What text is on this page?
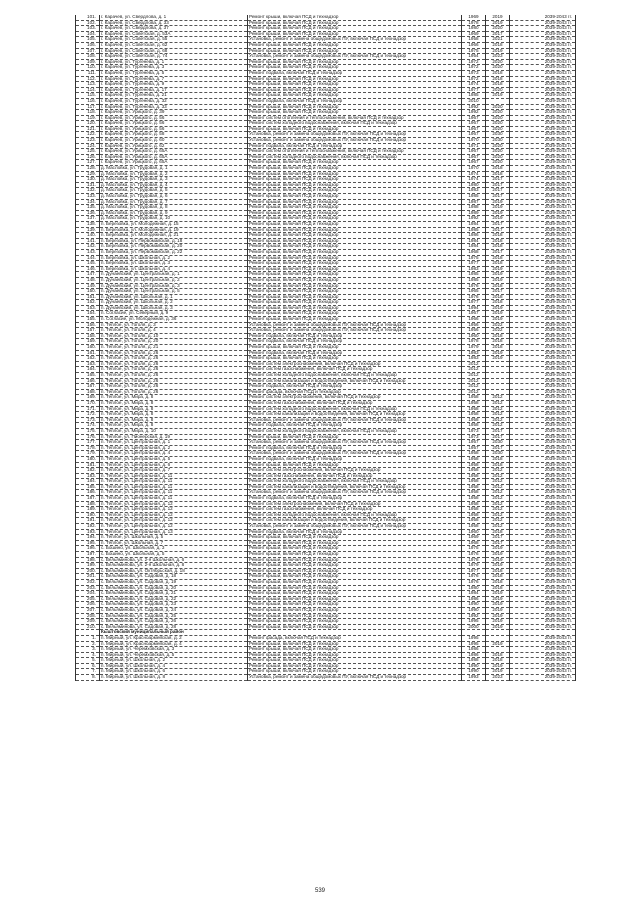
101.	г. Карачев, ул. Свердлова, д. 1	Ремонт крыши, включая ПСД и технадзор	1969	2019	2039-2043 гг.
102.	г. Карачев, ул. Свердлова, д. 33	Ремонт крыши, включая ПСД и технадзор	1978	2019	2039-2043 гг.
103.	г. Карачев, ул. Свердлова, д. 37	Ремонт крыши, включая ПСД и технадзор	1980	2020	2039-2043 гг.
104.	г. Карачев, ул. Советская, д. 53А	Ремонт крыши, включая ПСД и технадзор	1969	2017	2039-2043 гг.
105.	г. Карачев, ул. Советская, д. 55	Установка, ремонт и замена общедомовых ПУ, включая ПСД и технадзор	1958	2021	2039-2043 гг.
106.	г. Карачев, ул. Советская, д. 62	Ремонт крыши, включая ПСД и технадзор	1966	2018	2039-2043 гг.
107.	г. Карачев, ул. Советская, д. 68	Ремонт крыши, включая ПСД и технадзор	1975	2019	2039-2043 гг.
108.	г. Карачев, ул. Советская, д. 74	Установка, ремонт и замена общедомовых ПУ, включая ПСД и технадзор	1954	2023	2039-2043 гг.
109.	г. Карачев, ул. Тургенева, д. 1	Ремонт крыши, включая ПСД и технадзор	1972	2020	2039-2043 гг.
110.	г. Карачев, ул. Тургенева, д. 3	Ремонт крыши, включая ПСД и технадзор	1972	2020	2039-2043 гг.
111.	г. Карачев, ул. Тургенева, д. 5	Ремонт подвала, включая ПСД и технадзор	1973	2018	2039-2043 гг.
112.	г. Карачев, ул. Тургенева, д. 7	Ремонт крыши, включая ПСД и технадзор	1972	2018	2039-2043 гг.
113.	г. Карачев, ул. Тургенева, д. 9	Ремонт крыши, включая ПСД и технадзор	1974	2018	2039-2043 гг.
114.	г. Карачев, ул. Тургенева, д. 17	Ремонт крыши, включая ПСД и технадзор	1977	2020	2039-2043 гг.
115.	г. Карачев, ул. Тургенева, д. 21	Ремонт крыши, включая ПСД и технадзор	1985	2019	2039-2043 гг.
116.	г. Карачев, ул. Тургенева, д. 32	Ремонт подвала, включая ПСД и технадзор	2010		2039-2043 гг.
117.	г. Карачев, ул. Тургенева, д. 33	Ремонт крыши, включая ПСД и технадзор	1992	2020	2039-2043 гг.
118.	г. Карачев, ул. Урицкого, д. 39	Ремонт крыши, включая ПСД и технадзор	1992	2020	2039-2043 гг.
119.	г. Карачев, ул. Урицкого, д. 56	Ремонт систем отопления и теплоснабжения, включая ПСД и технадзор	1967	2020	2039-2043 гг.
120.	г. Карачев, ул. Урицкого, д. 56	Ремонт систем холодного водоснабжения, включая ПСД и технадзор	1967	2020	2039-2043 гг.
121.	г. Карачев, ул. Урицкого, д. 56	Ремонт крыши, включая ПСД и технадзор	1967	2020	2039-2043 гг.
122.	г. Карачев, ул. Урицкого, д. 58	Установка, ремонт и замена общедомовых ПУ, включая ПСД и технадзор	1967	2030	2039-2043 гг.
123.	г. Карачев, ул. Урицкого, д. 60	Установка, ремонт и замена общедомовых ПУ, включая ПСД и технадзор	1970	2030	2039-2043 гг.
124.	г. Карачев, ул. Урицкого, д. 62	Ремонт подвала, включая ПСД и технадзор	1971	2020	2039-2043 гг.
125.	г. Карачев, ул. Урицкого, д. 65А	Ремонт систем отопления и теплоснабжения, включая ПСД и технадзор	1967	2020	2039-2043 гг.
126.	г. Карачев, ул. Урицкого, д. 65А	Ремонт систем холодного водоснабжения, включая ПСД и технадзор	1967	2020	2039-2043 гг.
127.	г. Карачев, ул. Урицкого, д. 65А	Ремонт крыши, включая ПСД и технадзор	1967	2020	2039-2043 гг.
128.	д. Масловка, ул. Трудовая, д. 1	Ремонт крыши, включая ПСД и технадзор	1970	2018	2039-2043 гг.
129.	д. Масловка, ул. Трудовая, д. 2	Ремонт крыши, включая ПСД и технадзор	1974	2018	2039-2043 гг.
130.	д. Масловка, ул. Трудовая, д. 3	Ремонт крыши, включая ПСД и технадзор	1974	2017	2039-2043 гг.
131.	д. Масловка, ул. Трудовая, д. 4	Ремонт крыши, включая ПСД и технадзор	1980	2017	2039-2043 гг.
132.	д. Масловка, ул. Трудовая, д. 5	Ремонт крыши, включая ПСД и технадзор	1983	2017	2039-2043 гг.
133.	д. Масловка, ул. Трудовая, д. 6	Ремонт крыши, включая ПСД и технадзор	1985	2017	2039-2043 гг.
134.	д. Масловка, ул. Трудовая, д. 7	Ремонт крыши, включая ПСД и технадзор	1987	2019	2039-2043 гг.
135.	д. Масловка, ул. Трудовая, д. 8	Ремонт крыши, включая ПСД и технадзор	1988	2019	2039-2043 гг.
136.	д. Масловка, ул. Трудовая, д. 9	Ремонт крыши, включая ПСД и технадзор	1989	2019	2039-2043 гг.
137.	д. Масловка, ул. Трудовая, д. 10	Ремонт крыши, включая ПСД и технадзор	1992	2019	2039-2043 гг.
138.	п. Березовка, ул. Молодежная, д. 15	Ремонт крыши, включая ПСД и технадзор	1984	2017	2039-2043 гг.
139.	п. Березовка, ул. Молодежная, д. 19	Ремонт крыши, включая ПСД и технадзор	1985	2017	2039-2043 гг.
140.	п. Березовка, ул. Молодежная, д. 21	Ремонт крыши, включая ПСД и технадзор	1986	2018	2039-2043 гг.
141.	п. Березовка, ул. Первомайская, д. 18	Ремонт крыши, включая ПСД и технадзор	1984	2018	2039-2043 гг.
142.	п. Березовка, ул. Первомайская, д. 20	Ремонт крыши, включая ПСД и технадзор	1984	2018	2039-2043 гг.
143.	п. Березовка, ул. Первомайская, д. 22	Ремонт крыши, включая ПСД и технадзор	1968	2017	2039-2043 гг.
144.	п. Березовка, ул. Школьная, д. 2	Ремонт крыши, включая ПСД и технадзор	1975	2018	2039-2043 гг.
145.	п. Березовка, ул. Школьная, д. 3	Ремонт крыши, включая ПСД и технадзор	1977	2018	2039-2043 гг.
146.	п. Березовка, ул. Школьная, д. 4	Ремонт крыши, включая ПСД и технадзор	1983	2019	2039-2043 гг.
147.	п. Дунаевский, ул. Центральная, д. 1	Ремонт крыши, включая ПСД и технадзор	1985	2019	2039-2043 гг.
148.	п. Дунаевский, ул. Центральная, д. 2	Ремонт крыши, включая ПСД и технадзор	1985	2019	2039-2043 гг.
149.	п. Дунаевский, ул. Центральная, д. 3	Ремонт крыши, включая ПСД и технадзор	1976	2018	2039-2043 гг.
150.	п. Дунаевский, ул. Центральная, д. 5	Ремонт крыши, включая ПСД и технадзор	1965	2017	2039-2043 гг.
151.	п. Дунаевский, ул. Школьная, д. 1	Ремонт крыши, включая ПСД и технадзор	1976	2018	2039-2043 гг.
152.	п. Дунаевский, ул. Школьная, д. 2	Ремонт крыши, включая ПСД и технадзор	1977	2018	2039-2043 гг.
153.	п. Дунаевский, ул. Школьная, д. 3	Ремонт крыши, включая ПСД и технадзор	1994	2019	2039-2043 гг.
154.	п. Согласие, ул. Северный, д. 9	Ремонт крыши, включая ПСД и технадзор	1967	2019	2039-2043 гг.
155.	п. Согласие, ул. Молодежная, д. 36	Ремонт крыши, включая ПСД и технадзор	1966	2019	2039-2043 гг.
156.	п. Теплое, ул. Гоголя, д. 3	Установка, ремонт и замена общедомовых ПУ, включая ПСД и технадзор	1956	2022	2039-2043 гг.
157.	п. Теплое, ул. Гоголя, д. 4	Установка, ремонт и замена общедомовых ПУ, включая ПСД и технадзор	1956	2022	2039-2043 гг.
158.	п. Теплое, ул. Гоголя, д. 10	Ремонт подвала, включая ПСД и технадзор	1960	2018	2039-2043 гг.
159.	п. Теплое, ул. Гоголя, д. 20	Ремонт подвала, включая ПСД и технадзор	1978	2018	2039-2043 гг.
160.	п. Теплое, ул. Гоголя, д. 21	Ремонт крыши, включая ПСД и технадзор	1979	2018	2039-2043 гг.
161.	п. Теплое, ул. Гоголя, д. 26	Ремонт подвала, включая ПСД и технадзор	1983	2019	2039-2043 гг.
162.	п. Теплое, ул. Гоголя, д. 26	Ремонт крыши, включая ПСД и технадзор	1983	2019	2039-2043 гг.
163.	п. Теплое, ул. Гоголя, д. 26	Ремонт систем электроснабжения, включая ПСД и технадзор	2012		2039-2043 гг.
164.	п. Теплое, ул. Гоголя, д. 26	Ремонт систем газоснабжения, включая ПСД и технадзор	2012		2039-2043 гг.
165.	п. Теплое, ул. Гоголя, д. 26	Ремонт систем холодного водоснабжения, включая ПСД и технадзор	2012		2039-2043 гг.
166.	п. Теплое, ул. Гоголя, д. 26	Ремонт систем канализации и водоотведения, включая ПСД и технадзор	2012		2039-2043 гг.
167.	п. Теплое, ул. Гоголя, д. 26	Ремонт подвала, включая ПСД и технадзор	2012		2039-2043 гг.
168.	п. Теплое, ул. Гоголя, д. 26	Ремонт фасада, включая ПСД и технадзор	2012		2039-2043 гг.
169.	п. Теплое, ул. Мира, д. 8	Ремонт систем электроснабжения, включая ПСД и технадзор	1958	2012	2039-2043 гг.
170.	п. Теплое, ул. Мира, д. 8	Ремонт систем газоснабжения, включая ПСД и технадзор	1958	2012	2039-2043 гг.
171.	п. Теплое, ул. Мира, д. 8	Ремонт систем холодного водоснабжения, включая ПСД и технадзор	1958	2012	2039-2043 гг.
172.	п. Теплое, ул. Мира, д. 8	Ремонт систем канализации и водоотведения, включая ПСД и технадзор	1958	2012	2039-2043 гг.
173.	п. Теплое, ул. Мира, д. 8	Установка, ремонт и замена общедомовых ПУ, включая ПСД и технадзор	1958	2012	2039-2043 гг.
174.	п. Теплое, ул. Мира, д. 8	Ремонт подвала, включая ПСД и технадзор	1958	2012	2039-2043 гг.
175.	п. Теплое, ул. Мира, д. 10	Ремонт систем холодного водоснабжения, включая ПСД и технадзор	1973	2017	2039-2043 гг.
176.	п. Теплое, ул. Пионерская, д. 19	Ремонт крыши, включая ПСД и технадзор	1973	2017	2039-2043 гг.
177.	п. Теплое, ул. Центральная, д. 1	Установка, ремонт и замена общедомовых ПУ, включая ПСД и технадзор	1957	2030	2039-2043 гг.
178.	п. Теплое, ул. Центральная, д. 2	Ремонт подвала, включая ПСД и технадзор	1957	2017	2039-2043 гг.
179.	п. Теплое, ул. Центральная, д. 4	Установка, ремонт и замена общедомовых ПУ, включая ПСД и технадзор	1958	2030	2039-2043 гг.
180.	п. Теплое, ул. Центральная, д. 5	Ремонт подвала, включая ПСД и технадзор	1958	2018	2039-2043 гг.
181.	п. Теплое, ул. Центральная, д. 6	Ремонт крыши, включая ПСД и технадзор	1958	2018	2039-2043 гг.
182.	п. Теплое, ул. Центральная, д. 7	Ремонт систем электроснабжения, включая ПСД и технадзор	1958	2012	2039-2043 гг.
183.	п. Теплое, ул. Центральная, д. 11	Ремонт систем газоснабжения, включая ПСД и технадзор	1958	2012	2039-2043 гг.
184.	п. Теплое, ул. Центральная, д. 11	Ремонт систем холодного водоснабжения, включая ПСД и технадзор	1958	2012	2039-2043 гг.
185.	п. Теплое, ул. Центральная, д. 11	Ремонт систем канализации и водоотведения, включая ПСД и технадзор	1958	2012	2039-2043 гг.
186.	п. Теплое, ул. Центральная, д. 11	Установка, ремонт и замена общедомовых ПУ, включая ПСД и технадзор	1958	2012	2039-2043 гг.
187.	п. Теплое, ул. Центральная, д. 11	Ремонт подвала, включая ПСД и технадзор	1958	2012	2039-2043 гг.
188.	п. Теплое, ул. Центральная, д. 12	Ремонт систем электроснабжения, включая ПСД и технадзор	1958	2012	2039-2043 гг.
189.	п. Теплое, ул. Центральная, д. 12	Ремонт систем газоснабжения, включая ПСД и технадзор	1958	2012	2039-2043 гг.
190.	п. Теплое, ул. Центральная, д. 12	Ремонт систем холодного водоснабжения, включая ПСД и технадзор	1958	2012	2039-2043 гг.
191.	п. Теплое, ул. Центральная, д. 12	Ремонт систем канализации и водоотведения, включая ПСД и технадзор	1958	2012	2039-2043 гг.
192.	п. Теплое, ул. Центральная, д. 12	Установка, ремонт и замена общедомовых ПУ, включая ПСД и технадзор	1958	2012	2039-2043 гг.
193.	п. Теплое, ул. Центральная, д. 13	Ремонт подвала, включая ПСД и технадзор	1960	2018	2039-2043 гг.
194.	п. Теплое, ул. Школьная, д. 5	Ремонт крыши, включая ПСД и технадзор	1969	2017	2039-2043 гг.
195.	п. Теплое, ул. Школьная, д. 7	Ремонт крыши, включая ПСД и технадзор	1968	2017	2039-2043 гг.
196.	с. Бошино, ул. Школьная, д. 3	Ремонт крыши, включая ПСД и технадзор	1975	2019	2039-2043 гг.
197.	с. Бошино, ул. Школьная, д. 5	Ремонт крыши, включая ПСД и технадзор	1976	2019	2039-2043 гг.
198.	с. Вельяминова, ул. 2-я Школьная, д. 6	Ремонт крыши, включая ПСД и технадзор	1978	2019	2039-2043 гг.
199.	с. Вельяминова, ул. 2-я Школьная, д. 8	Ремонт крыши, включая ПСД и технадзор	1979	2019	2039-2043 гг.
200.	с. Вельяминова, ул. Октябрьская, д. 18	Ремонт крыши, включая ПСД и технадзор	1977	2018	2039-2043 гг.
201.	с. Вельяминова, ул. Садовая, д. 18	Ремонт крыши, включая ПСД и технадзор	1976	2018	2039-2043 гг.
202.	с. Вельяминова, ул. Садовая, д. 19	Ремонт крыши, включая ПСД и технадзор	1976	2018	2039-2043 гг.
203.	с. Вельяминова, ул. Садовая, д. 20	Ремонт крыши, включая ПСД и технадзор	1980	2018	2039-2043 гг.
204.	с. Вельяминова, ул. Садовая, д. 21	Ремонт крыши, включая ПСД и технадзор	1984	2019	2039-2043 гг.
205.	с. Вельяминова, ул. Садовая, д. 22	Ремонт крыши, включая ПСД и технадзор	1986	2019	2039-2043 гг.
206.	с. Вельяминова, ул. Садовая, д. 23	Ремонт крыши, включая ПСД и технадзор	1990	2019	2039-2043 гг.
207.	с. Вельяминова, ул. Садовая, д. 24	Ремонт крыши, включая ПСД и технадзор	1990	2019	2039-2043 гг.
208.	с. Вельяминова, ул. Садовая, д. 25	Ремонт крыши, включая ПСД и технадзор	1992	2019	2039-2043 гг.
209.	с. Вельяминова, ул. Садовая, д. 26	Ремонт крыши, включая ПСД и технадзор	1995	2019	2039-2043 гг.
210.	с. Вельяминова, ул. Садовая, д. 28	Ремонт крыши, включая ПСД и технадзор	2000	2019	2039-2043 гг.
	Кыштовский муниципальный район				
1.	п. Мирный, ул. Красноармейская, д. 2	Ремонт фасада, включая ПСД и технадзор	1995		2039-2043 гг.
2.	п. Мирный, ул. Красноармейская, д. 4	Ремонт крыши, включая ПСД и технадзор	1995	2019	2039-2043 гг.
3.	п. Мирный, ул. Черемховская, д. 3	Ремонт крыши, включая ПСД и технадзор	1986		2039-2043 гг.
4.	п. Мирный, ул. Черемховская, д. 5	Ремонт крыши, включая ПСД и технадзор	1986	2018	2039-2043 гг.
5.	п. Мирный, ул. Школьная, д. 2	Ремонт крыши, включая ПСД и технадзор	1988	2018	2039-2043 гг.
6.	п. Мирный, ул. Школьная, д. 4	Ремонт крыши, включая ПСД и технадзор	1990	2019	2039-2043 гг.
7.	п. Мирный, ул. Школьная, д. 6	Ремонт крыши, включая ПСД и технадзор	1990	2019	2039-2043 гг.
8.	п. Мирный, ул. Школьная, д. 8	Установка, ремонт и замена общедомовых ПУ, включая ПСД и технадзор	1993	2023	2039-2043 гг.
539
